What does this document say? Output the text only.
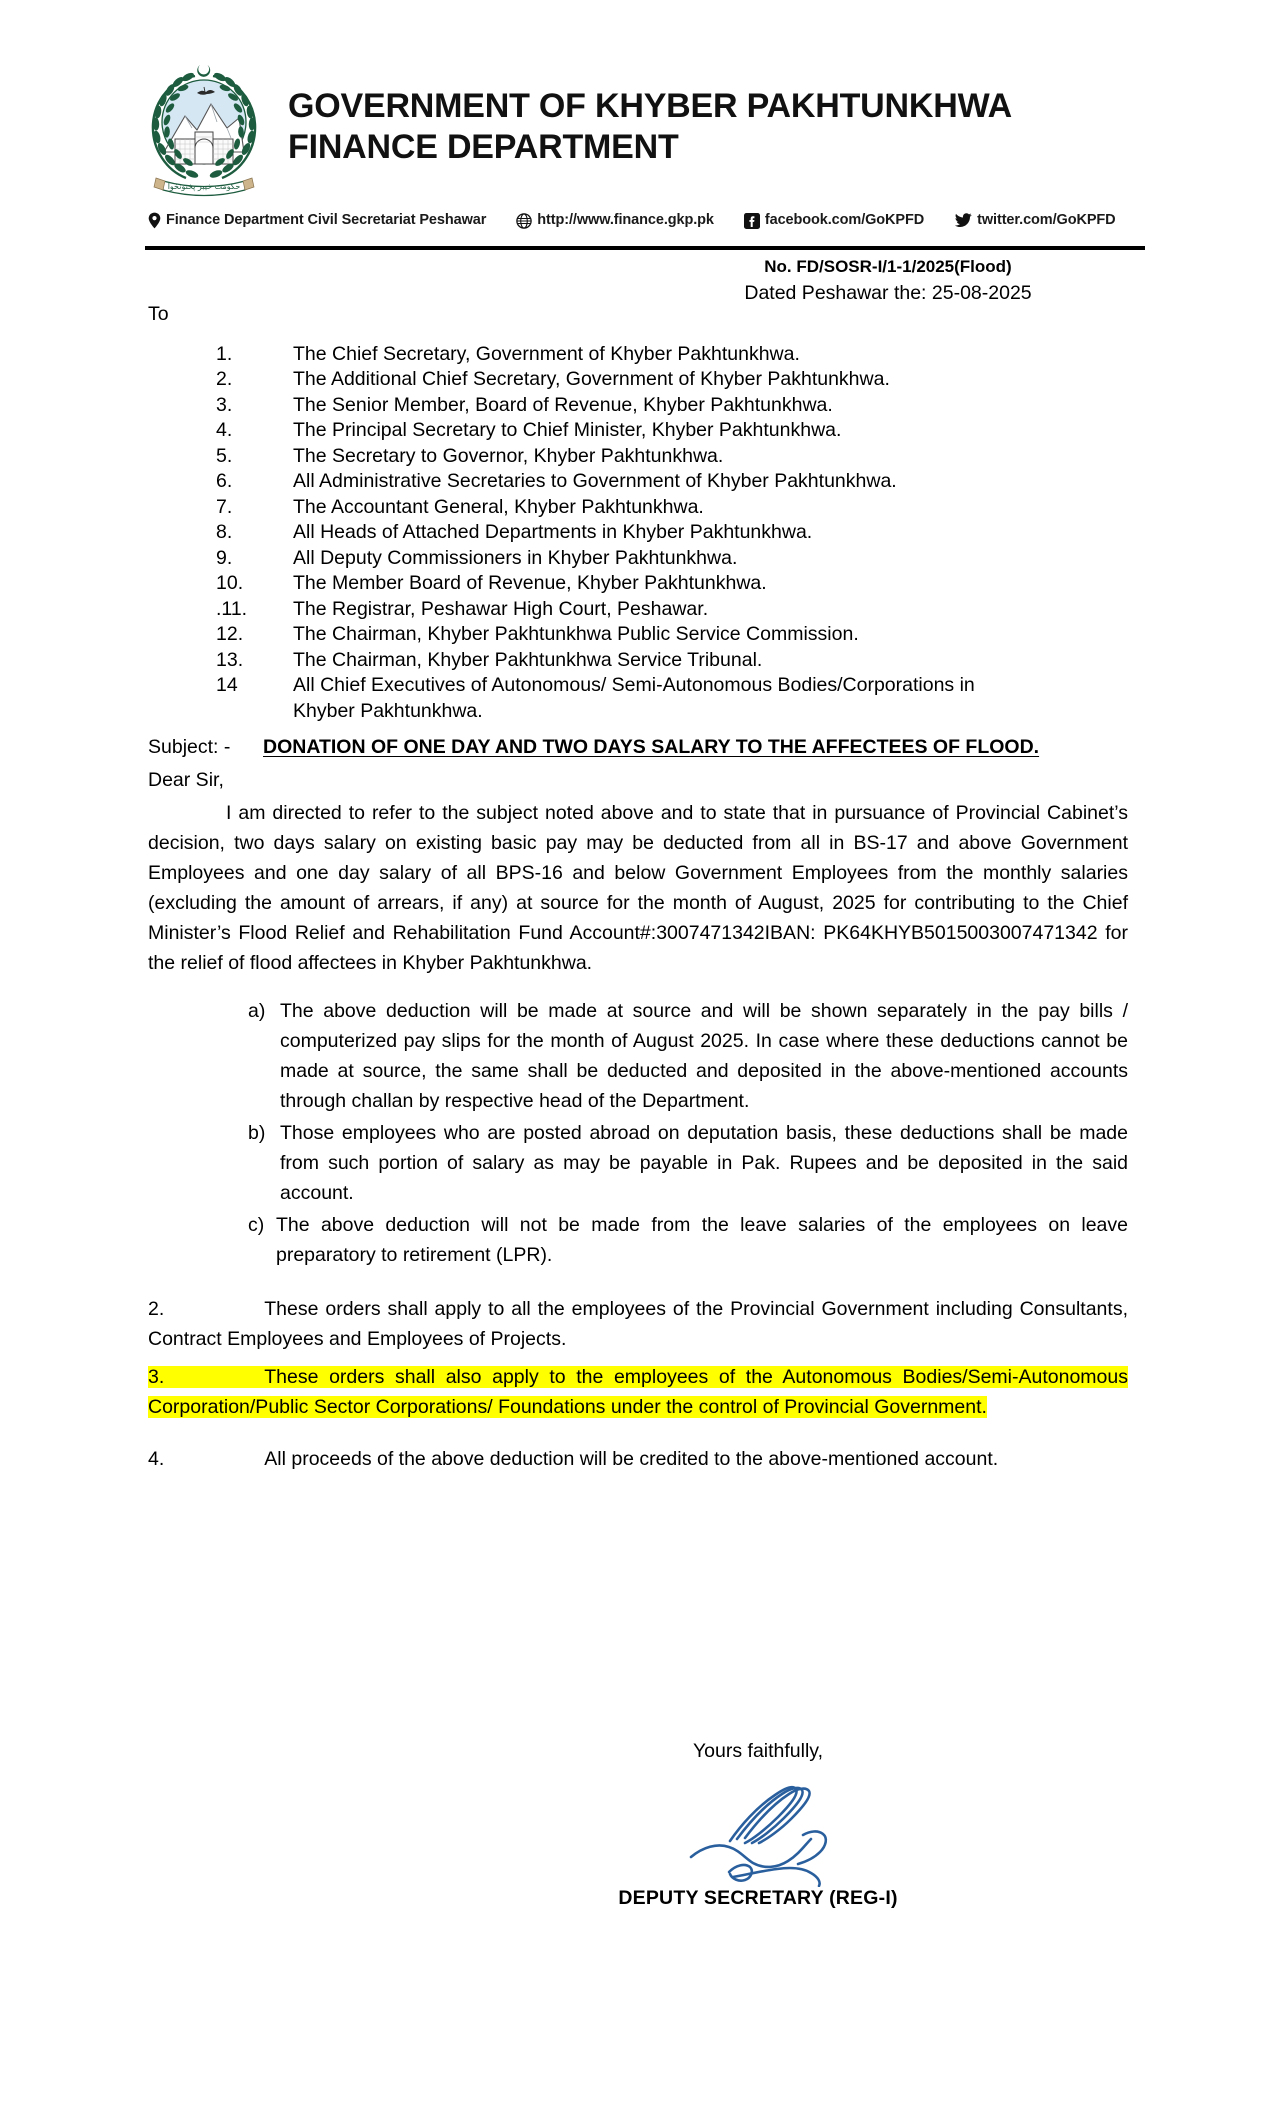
حکومت خیبر پختونخوا
GOVERNMENT OF KHYBER PAKHTUNKHWA
FINANCE DEPARTMENT
Finance Department Civil Secretariat Peshawar	http://www.finance.gkp.pk	facebook.com/GoKPFD	twitter.com/GoKPFD
No. FD/SOSR-I/1-1/2025(Flood)
Dated Peshawar the: 25-08-2025
To
1.	The Chief Secretary, Government of Khyber Pakhtunkhwa.
2.	The Additional Chief Secretary, Government of Khyber Pakhtunkhwa.
3.	The Senior Member, Board of Revenue, Khyber Pakhtunkhwa.
4.	The Principal Secretary to Chief Minister, Khyber Pakhtunkhwa.
5.	The Secretary to Governor, Khyber Pakhtunkhwa.
6.	All Administrative Secretaries to Government of Khyber Pakhtunkhwa.
7.	The Accountant General, Khyber Pakhtunkhwa.
8.	All Heads of Attached Departments in Khyber Pakhtunkhwa.
9.	All Deputy Commissioners in Khyber Pakhtunkhwa.
10.	The Member Board of Revenue, Khyber Pakhtunkhwa.
.11.	The Registrar, Peshawar High Court, Peshawar.
12.	The Chairman, Khyber Pakhtunkhwa Public Service Commission.
13.	The Chairman, Khyber Pakhtunkhwa Service Tribunal.
14	All Chief Executives of Autonomous/ Semi-Autonomous Bodies/Corporations in
Khyber Pakhtunkhwa.
Subject: -	DONATION OF ONE DAY AND TWO DAYS SALARY TO THE AFFECTEES OF FLOOD.
Dear Sir,
I am directed to refer to the subject noted above and to state that in pursuance of Provincial Cabinet’s decision, two days salary on existing basic pay may be deducted from all in BS-17 and above Government Employees and one day salary of all BPS-16 and below Government Employees from the monthly salaries (excluding the amount of arrears, if any) at source for the month of August, 2025 for contributing to the Chief Minister’s Flood Relief and Rehabilitation Fund Account#:3007471342IBAN: PK64KHYB5015003007471342 for the relief of flood affectees in Khyber Pakhtunkhwa.
a) The above deduction will be made at source and will be shown separately in the pay bills / computerized pay slips for the month of August 2025. In case where these deductions cannot be made at source, the same shall be deducted and deposited in the above-mentioned accounts through challan by respective head of the Department.
b) Those employees who are posted abroad on deputation basis, these deductions shall be made from such portion of salary as may be payable in Pak. Rupees and be deposited in the said account.
c) The above deduction will not be made from the leave salaries of the employees on leave preparatory to retirement (LPR).
2.	These orders shall apply to all the employees of the Provincial Government including Consultants, Contract Employees and Employees of Projects.
3.	These orders shall also apply to the employees of the Autonomous Bodies/Semi-Autonomous Corporation/Public Sector Corporations/ Foundations under the control of Provincial Government.
4.	All proceeds of the above deduction will be credited to the above-mentioned account.
Yours faithfully,
DEPUTY SECRETARY (REG-I)
